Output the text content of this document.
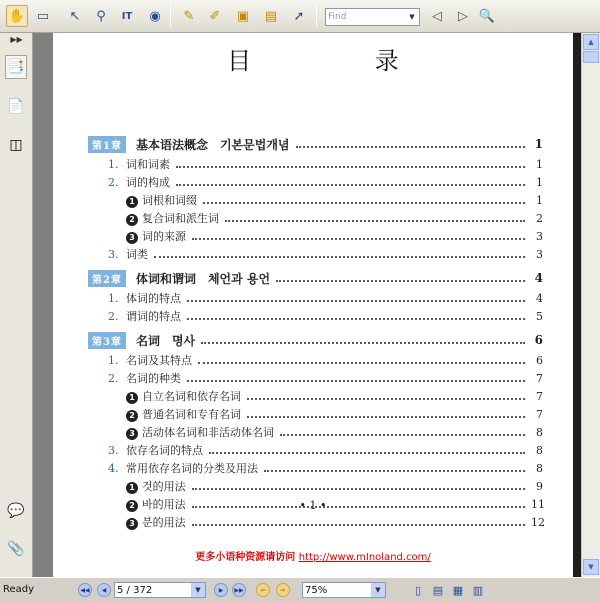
✋ ▭	↖	⚲	IT	◉	✎	✐	▣	▤	➚
Find	▼	◁	▷ 🔍
▶▶
📑
📄
◫
💬
📎
目 录
第1章 基本语法概念　기본문법개념	1
1. 词和词素	1
2. 词的构成	1
1 词根和词缀	1
2 复合词和派生词	2
3 词的来源	3
3. 词类	3
第2章 体词和谓词　체언과 용언	4
1. 体词的特点	4
2. 谓词的特点	5
第3章 名词　명사	6
1. 名词及其特点	6
2. 名词的种类	7
1 自立名词和依存名词	7
2 普通名词和专有名词	7
3 活动体名词和非活动体名词	8
3. 依存名词的特点	8
4. 常用依存名词的分类及用法	8
1 것的用法	9
2 바的用法	11
3 분的用法	12
• 1 •
更多小语种资源请访问 http://www.mInoland.com/
▲
▼
Ready	◀◀	◀	5 / 372	▼	▶	▶▶	⇦	⇨	75%	▼	▯	▤ ▦ ▥
